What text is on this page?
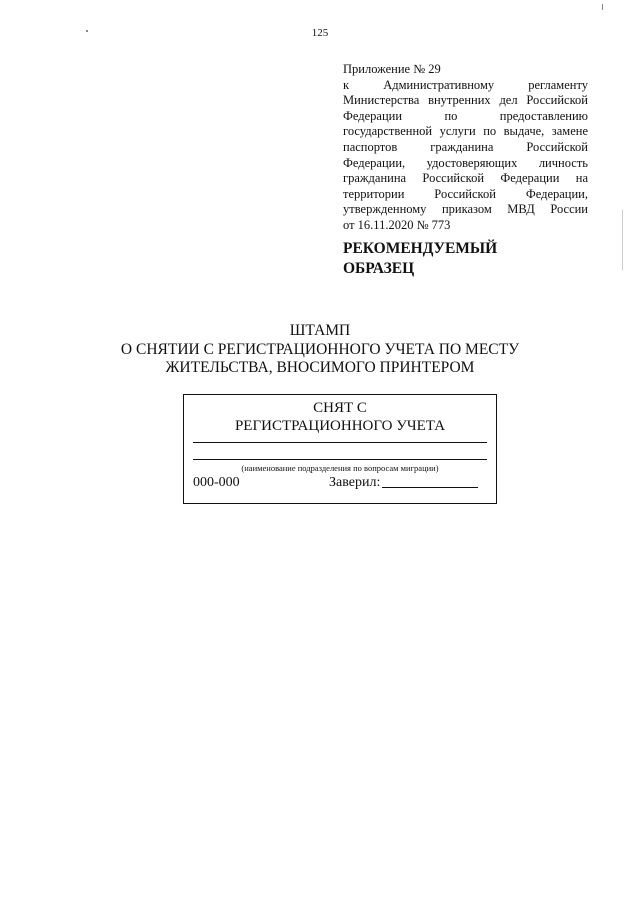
125
Приложение № 29
к Административному регламенту
Министерства внутренних дел Российской
Федерации по предоставлению
государственной услуги по выдаче, замене
паспортов гражданина Российской
Федерации, удостоверяющих личность
гражданина Российской Федерации на
территории Российской Федерации,
утвержденному приказом МВД России
от 16.11.2020 № 773
РЕКОМЕНДУЕМЫЙ
ОБРАЗЕЦ
ШТАМП
О СНЯТИИ С РЕГИСТРАЦИОННОГО УЧЕТА ПО МЕСТУ
ЖИТЕЛЬСТВА, ВНОСИМОГО ПРИНТЕРОМ
СНЯТ С
РЕГИСТРАЦИОННОГО УЧЕТА
(наименование подразделения по вопросам миграции)
000-000	Заверил:
